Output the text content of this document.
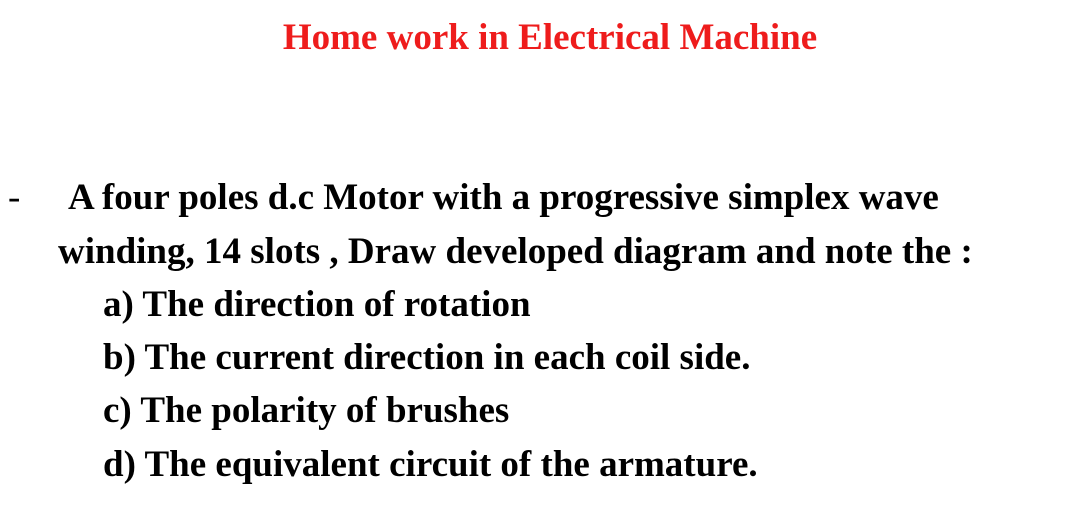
Home work in Electrical Machine
- A four poles d.c Motor with a progressive simplex wave
winding, 14 slots , Draw developed diagram and note the :
a) The direction of rotation
b) The current direction in each coil side.
c) The polarity of brushes
d) The equivalent circuit of the armature.
